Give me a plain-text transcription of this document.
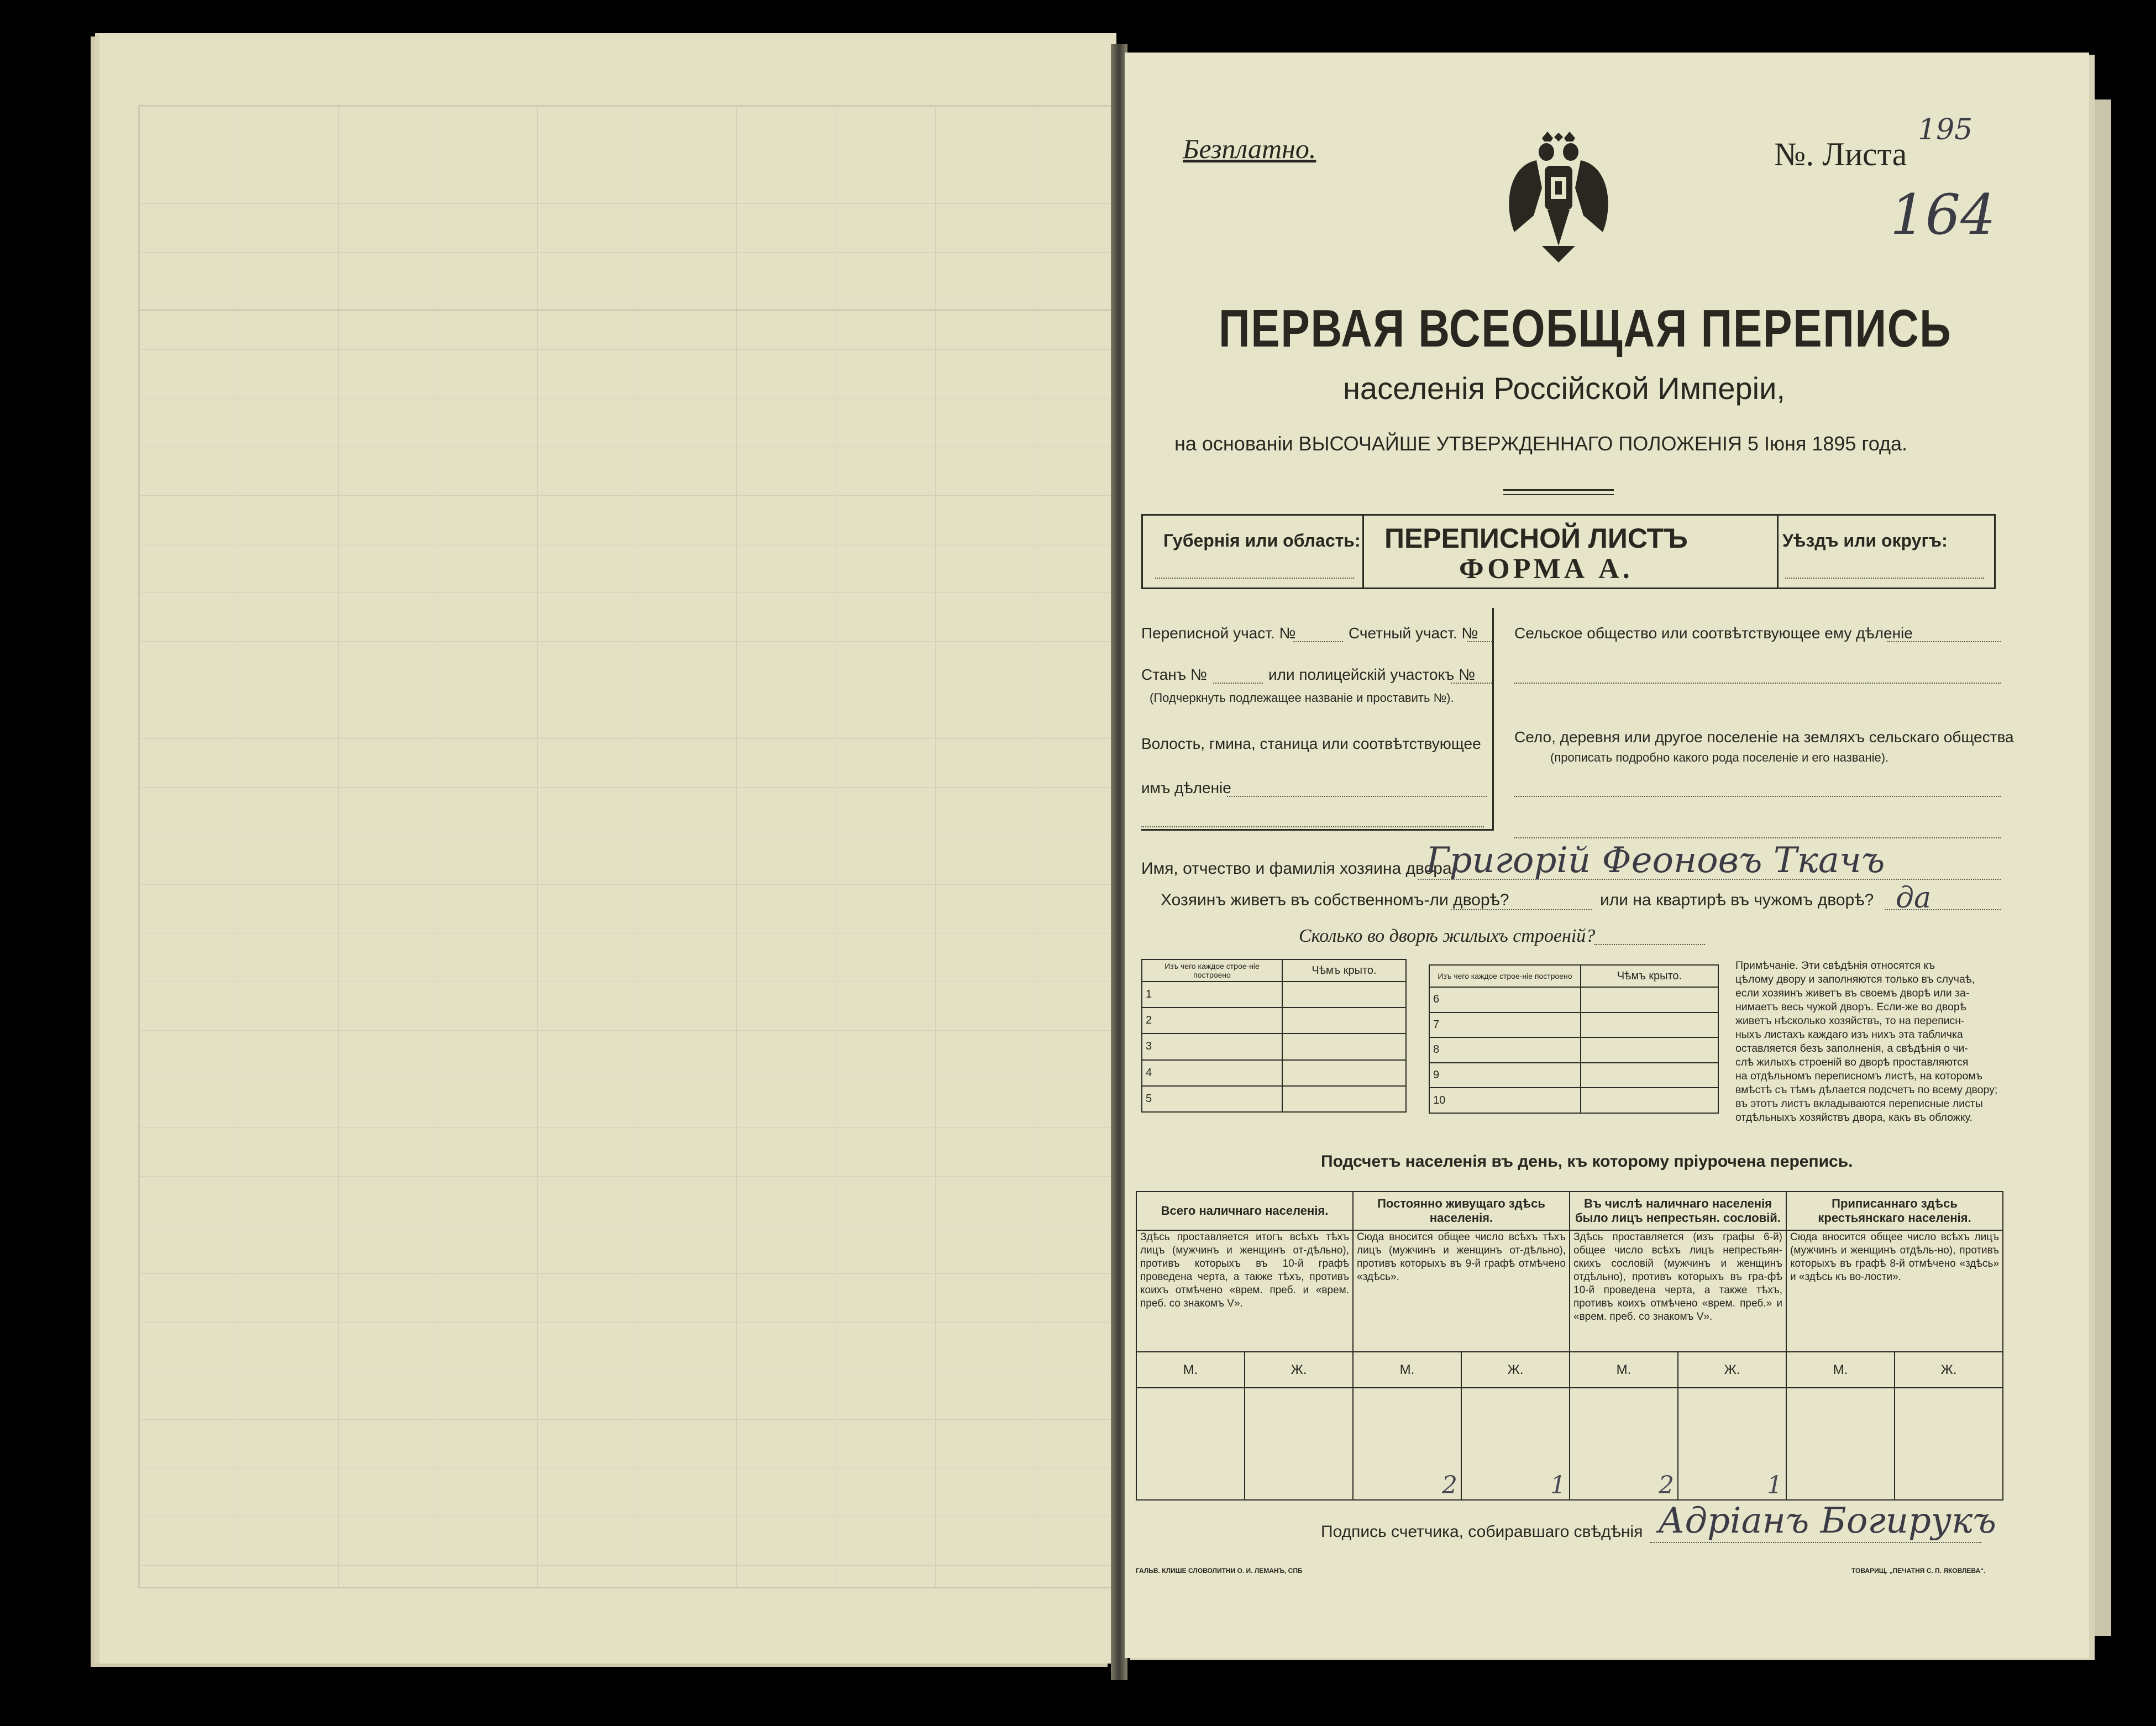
Безплатно.	№. Листа
195
164
ПЕРВАЯ ВСЕОБЩАЯ ПЕРЕПИСЬ
населенія Россійской Имперіи,
на основаніи ВЫСОЧАЙШЕ УТВЕРЖДЕННАГО ПОЛОЖЕНІЯ 5 Іюня 1895 года.
Губернія или область: ПЕРЕПИСНОЙ ЛИСТЪ
ФОРМА А.
Уѣздъ или округъ:
Переписной участ. №	Счетный участ. №
Станъ №	или полицейскій участокъ №
(Подчеркнуть подлежащее названіе и проставить №).
Волость, гмина, станица или соотвѣтствующее
имъ дѣленіе
Сельское общество или соотвѣтствующее ему дѣленіе
Село, деревня или другое поселеніе на земляхъ сельскаго общества
(прописать подробно какого рода поселеніе и его названіе).
Имя, отчество и фамилія хозяина двора
Григорій Феоновъ Ткачъ
Хозяинъ живетъ въ собственномъ-ли дворѣ?	или на квартирѣ въ чужомъ дворѣ? да
Сколько во дворѣ жилыхъ строеній?
Изъ чего каждое строе-ніе построено	Чѣмъ крыто.
1	
2	
3	
4	
5	
Изъ чего каждое строе-ніе построено	Чѣмъ крыто.
6	
7	
8	
9	
10	
Примѣчаніе. Эти свѣдѣнія относятся къ
цѣлому двору и заполняются только въ случаѣ,
если хозяинъ живетъ въ своемъ дворѣ или за-
нимаетъ весь чужой дворъ. Если-же во дворѣ
живетъ нѣсколько хозяйствъ, то на переписн-
ныхъ листахъ каждаго изъ нихъ эта табличка
оставляется безъ заполненія, а свѣдѣнія о чи-
слѣ жилыхъ строеній во дворѣ проставляются
на отдѣльномъ переписномъ листѣ, на которомъ
вмѣстѣ съ тѣмъ дѣлается подсчетъ по всему двору;
въ этотъ листъ вкладываются переписные листы
отдѣльныхъ хозяйствъ двора, какъ въ обложку.
Подсчетъ населенія въ день, къ которому пріурочена перепись.
Всего наличнаго населенія.		Постоянно живущаго здѣсь населенія.		Въ числѣ наличнаго населенія было лицъ непрестьян. сословій.		Приписаннаго здѣсь крестьянскаго населенія.	
Здѣсь проставляется итогъ всѣхъ тѣхъ лицъ (мужчинъ и женщинъ от-дѣльно), противъ которыхъ въ 10-й графѣ проведена черта, а также тѣхъ, противъ коихъ отмѣчено «врем. преб. и «врем. преб. со знакомъ V».		Сюда вносится общее число всѣхъ тѣхъ лицъ (мужчинъ и женщинъ от-дѣльно), противъ которыхъ въ 9-й графѣ отмѣчено «здѣсь».		Здѣсь проставляется (изъ графы 6-й) общее число всѣхъ лицъ непрестьян-скихъ сословій (мужчинъ и женщинъ отдѣльно), противъ которыхъ въ гра-фѣ 10-й проведена черта, а также тѣхъ, противъ коихъ отмѣчено «врем. преб.» и «врем. преб. со знакомъ V».		Сюда вносится общее число всѣхъ лицъ (мужчинъ и женщинъ отдѣль-но), противъ которыхъ въ графѣ 8-й отмѣчено «здѣсь» и «здѣсь къ во-лости».	
М.	Ж.	М.	Ж.	М.	Ж.	М.	Ж.
		2	1	2	1		
Подпись счетчика, собиравшаго свѣдѣнія Адріанъ Богирукъ
ГАЛЬВ. КЛИШЕ СЛОВОЛИТНИ О. И. ЛЕМАНЪ, СПБ	ТОВАРИЩ. „ПЕЧАТНЯ С. П. ЯКОВЛЕВА“.
